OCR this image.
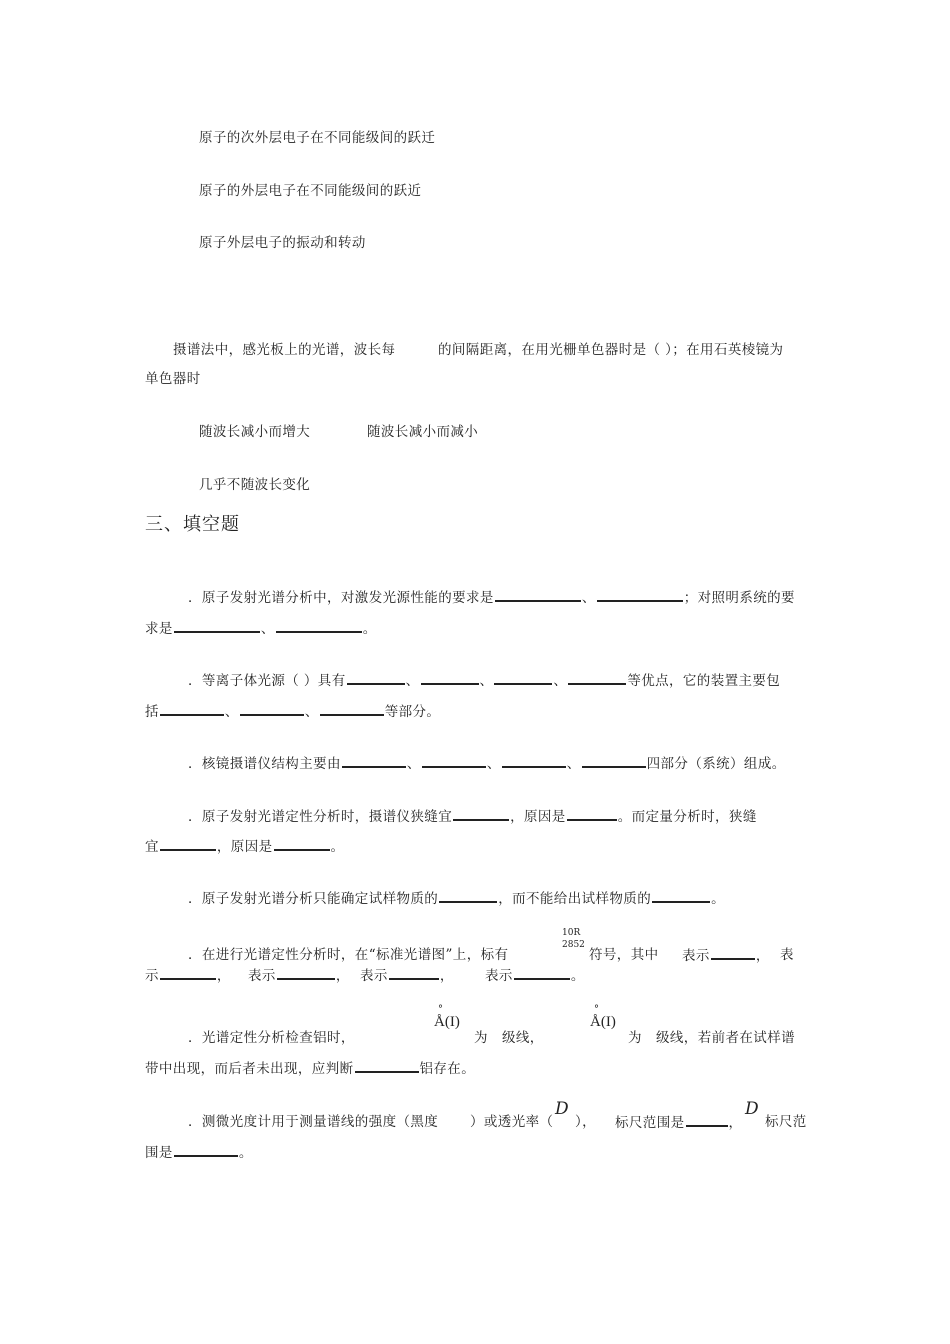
原子的次外层电子在不同能级间的跃迁
原子的外层电子在不同能级间的跃近
原子外层电子的振动和转动
摄谱法中，感光板上的光谱，波长每	的间隔距离，在用光栅单色器时是（ ）；在用石英棱镜为
单色器时
随波长减小而增大	随波长减小而减小
几乎不随波长变化
三、填空题
．原子发射光谱分析中，对激发光源性能的要求是	、	；对照明系统的要
求是	、	。
．等离子体光源（ ）具有	、	、	、	等优点，它的装置主要包
括	、	、	等部分。
．核镜摄谱仪结构主要由	、	、	、	四部分（系统）组成。
．原子发射光谱定性分析时，摄谱仪狭缝宜	，原因是	。而定量分析时，狭缝
宜	，原因是	。
．原子发射光谱分析只能确定试样物质的	，而不能给出试样物质的	。
10R
2852
．在进行光谱定性分析时，在“标准光谱图”上，标有	符号，其中 表示	， 表
示	， 表示	， 表示	， 表示	。
°
Å(I)
°
Å(I)
．光谱定性分析检查铝时，	为 级线，	为 级线，若前者在试样谱
带中出现，而后者未出现，应判断	铝存在。
．测微光度计用于测量谱线的强度（黑度 ）或透光率（
D
）， 标尺范围是	，
D
标尺范
围是	。
